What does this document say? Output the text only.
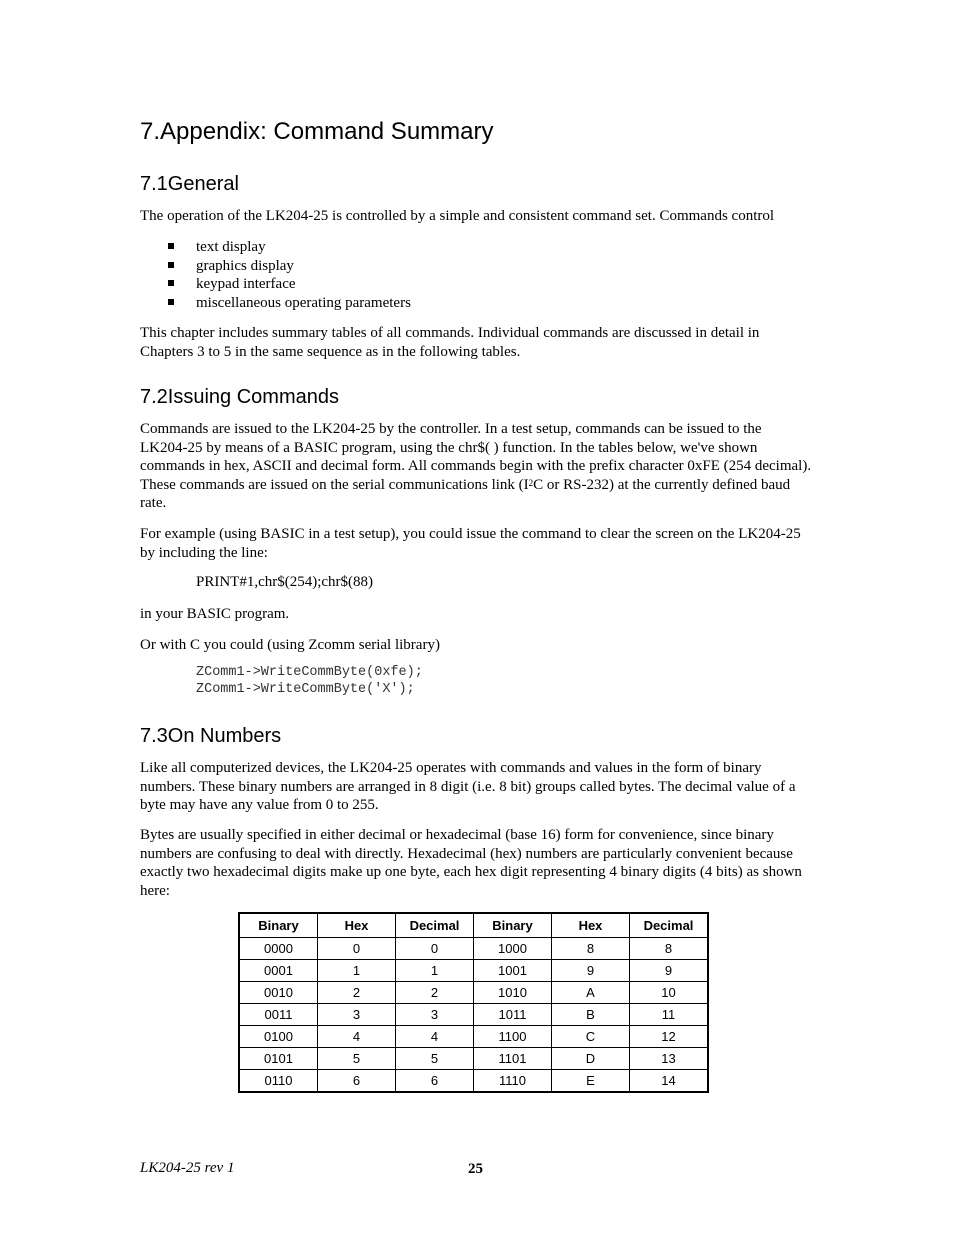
7.Appendix: Command Summary
7.1General
The operation of the LK204-25 is controlled by a simple and consistent command set. Commands control
text display
graphics display
keypad interface
miscellaneous operating parameters
This chapter includes summary tables of all commands. Individual commands are discussed in detail in Chapters 3 to 5 in the same sequence as in the following tables.
7.2Issuing Commands
Commands are issued to the LK204-25 by the controller. In a test setup, commands can be issued to the LK204-25 by means of a BASIC program, using the chr$( ) function. In the tables below, we've shown commands in hex, ASCII and decimal form. All commands begin with the prefix character 0xFE (254 decimal). These commands are issued on the serial communications link ($I^2C$ or RS-232) at the currently defined baud rate.
For example (using BASIC in a test setup), you could issue the command to clear the screen on the LK204-25 by including the line:
PRINT#1,chr$(254);chr$(88)
in your BASIC program.
Or with C you could (using Zcomm serial library)
ZComm1->WriteCommByte(0xfe);
ZComm1->WriteCommByte('X');
7.3On Numbers
Like all computerized devices, the LK204-25 operates with commands and values in the form of binary numbers. These binary numbers are arranged in 8 digit (i.e. 8 bit) groups called bytes. The decimal value of a byte may have any value from 0 to 255.
Bytes are usually specified in either decimal or hexadecimal (base 16) form for convenience, since binary numbers are confusing to deal with directly. Hexadecimal (hex) numbers are particularly convenient because exactly two hexadecimal digits make up one byte, each hex digit representing 4 binary digits (4 bits) as shown here:
Binary	Hex	Decimal	Binary	Hex	Decimal
0000	0	0	1000	8	8
0001	1	1	1001	9	9
0010	2	2	1010	A	10
0011	3	3	1011	B	11
0100	4	4	1100	C	12
0101	5	5	1101	D	13
0110	6	6	1110	E	14
LK204-25 rev 1	25
